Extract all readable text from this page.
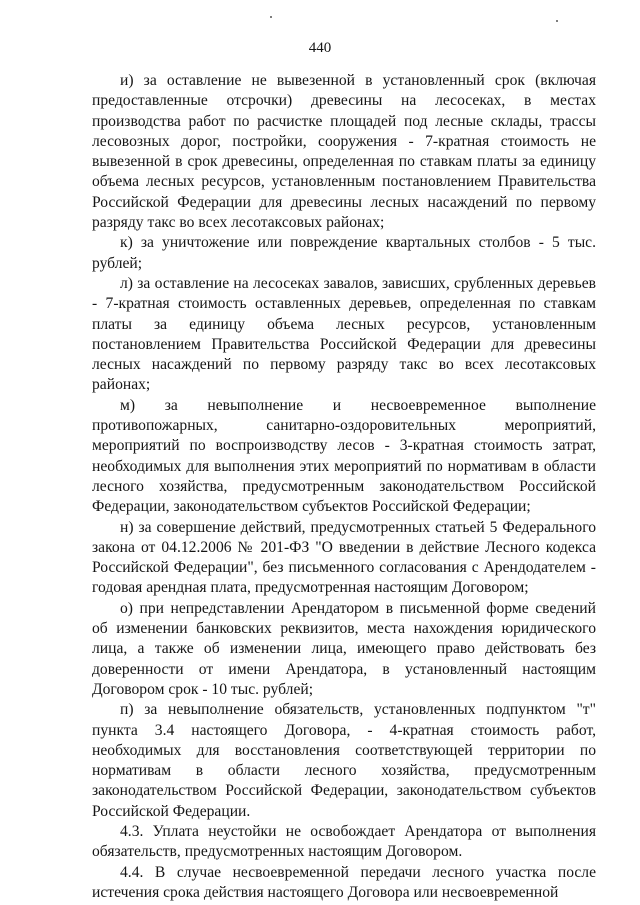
440

и) за оставление не вывезенной в установленный срок (включая предоставленные отсрочки) древесины на лесосеках, в местах производства работ по расчистке площадей под лесные склады, трассы лесовозных дорог, постройки, сооружения - 7-кратная стоимость не вывезенной в срок древесины, определенная по ставкам платы за единицу объема лесных ресурсов, установленным постановлением Правительства Российской Федерации для древесины лесных насаждений по первому разряду такс во всех лесотаксовых районах;

к) за уничтожение или повреждение квартальных столбов - 5 тыс. рублей;

л) за оставление на лесосеках завалов, зависших, срубленных деревьев - 7-кратная стоимость оставленных деревьев, определенная по ставкам платы за единицу объема лесных ресурсов, установленным постановлением Правительства Российской Федерации для древесины лесных насаждений по первому разряду такс во всех лесотаксовых районах;

м) за невыполнение и несвоевременное выполнение противопожарных, санитарно-оздоровительных мероприятий, мероприятий по воспроизводству лесов - 3-кратная стоимость затрат, необходимых для выполнения этих мероприятий по нормативам в области лесного хозяйства, предусмотренным законодательством Российской Федерации, законодательством субъектов Российской Федерации;

н) за совершение действий, предусмотренных статьей 5 Федерального закона от 04.12.2006 № 201-ФЗ "О введении в действие Лесного кодекса Российской Федерации", без письменного согласования с Арендодателем - годовая арендная плата, предусмотренная настоящим Договором;

о) при непредставлении Арендатором в письменной форме сведений об изменении банковских реквизитов, места нахождения юридического лица, а также об изменении лица, имеющего право действовать без доверенности от имени Арендатора, в установленный настоящим Договором срок - 10 тыс. рублей;

п) за невыполнение обязательств, установленных подпунктом "т" пункта 3.4 настоящего Договора, - 4-кратная стоимость работ, необходимых для восстановления соответствующей территории по нормативам в области лесного хозяйства, предусмотренным законодательством Российской Федерации, законодательством субъектов Российской Федерации.

4.3. Уплата неустойки не освобождает Арендатора от выполнения обязательств, предусмотренных настоящим Договором.

4.4. В случае несвоевременной передачи лесного участка после истечения срока действия настоящего Договора или несвоевременной
